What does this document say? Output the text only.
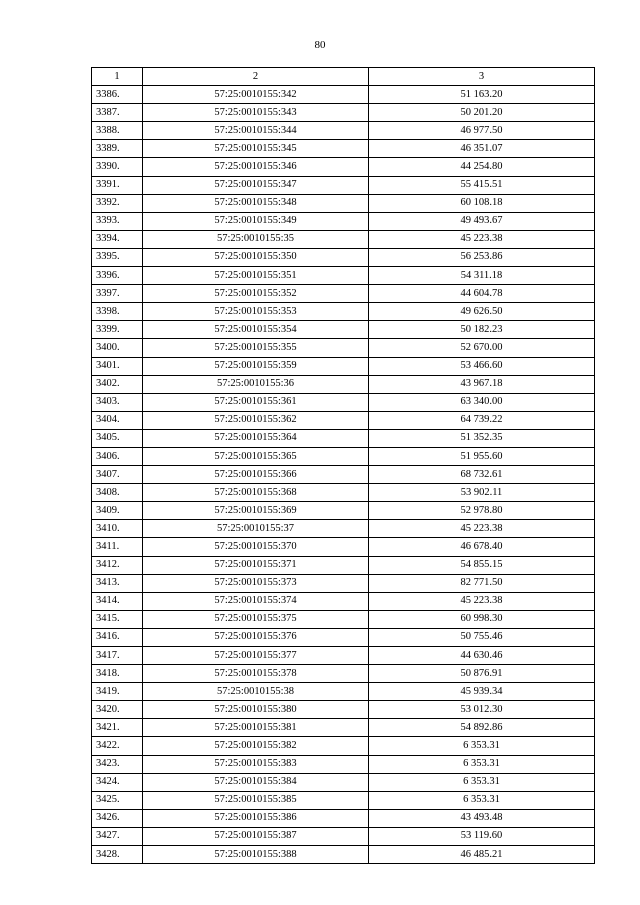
80
1	2	3
3386.	57:25:0010155:342	51 163.20
3387.	57:25:0010155:343	50 201.20
3388.	57:25:0010155:344	46 977.50
3389.	57:25:0010155:345	46 351.07
3390.	57:25:0010155:346	44 254.80
3391.	57:25:0010155:347	55 415.51
3392.	57:25:0010155:348	60 108.18
3393.	57:25:0010155:349	49 493.67
3394.	57:25:0010155:35	45 223.38
3395.	57:25:0010155:350	56 253.86
3396.	57:25:0010155:351	54 311.18
3397.	57:25:0010155:352	44 604.78
3398.	57:25:0010155:353	49 626.50
3399.	57:25:0010155:354	50 182.23
3400.	57:25:0010155:355	52 670.00
3401.	57:25:0010155:359	53 466.60
3402.	57:25:0010155:36	43 967.18
3403.	57:25:0010155:361	63 340.00
3404.	57:25:0010155:362	64 739.22
3405.	57:25:0010155:364	51 352.35
3406.	57:25:0010155:365	51 955.60
3407.	57:25:0010155:366	68 732.61
3408.	57:25:0010155:368	53 902.11
3409.	57:25:0010155:369	52 978.80
3410.	57:25:0010155:37	45 223.38
3411.	57:25:0010155:370	46 678.40
3412.	57:25:0010155:371	54 855.15
3413.	57:25:0010155:373	82 771.50
3414.	57:25:0010155:374	45 223.38
3415.	57:25:0010155:375	60 998.30
3416.	57:25:0010155:376	50 755.46
3417.	57:25:0010155:377	44 630.46
3418.	57:25:0010155:378	50 876.91
3419.	57:25:0010155:38	45 939.34
3420.	57:25:0010155:380	53 012.30
3421.	57:25:0010155:381	54 892.86
3422.	57:25:0010155:382	6 353.31
3423.	57:25:0010155:383	6 353.31
3424.	57:25:0010155:384	6 353.31
3425.	57:25:0010155:385	6 353.31
3426.	57:25:0010155:386	43 493.48
3427.	57:25:0010155:387	53 119.60
3428.	57:25:0010155:388	46 485.21
